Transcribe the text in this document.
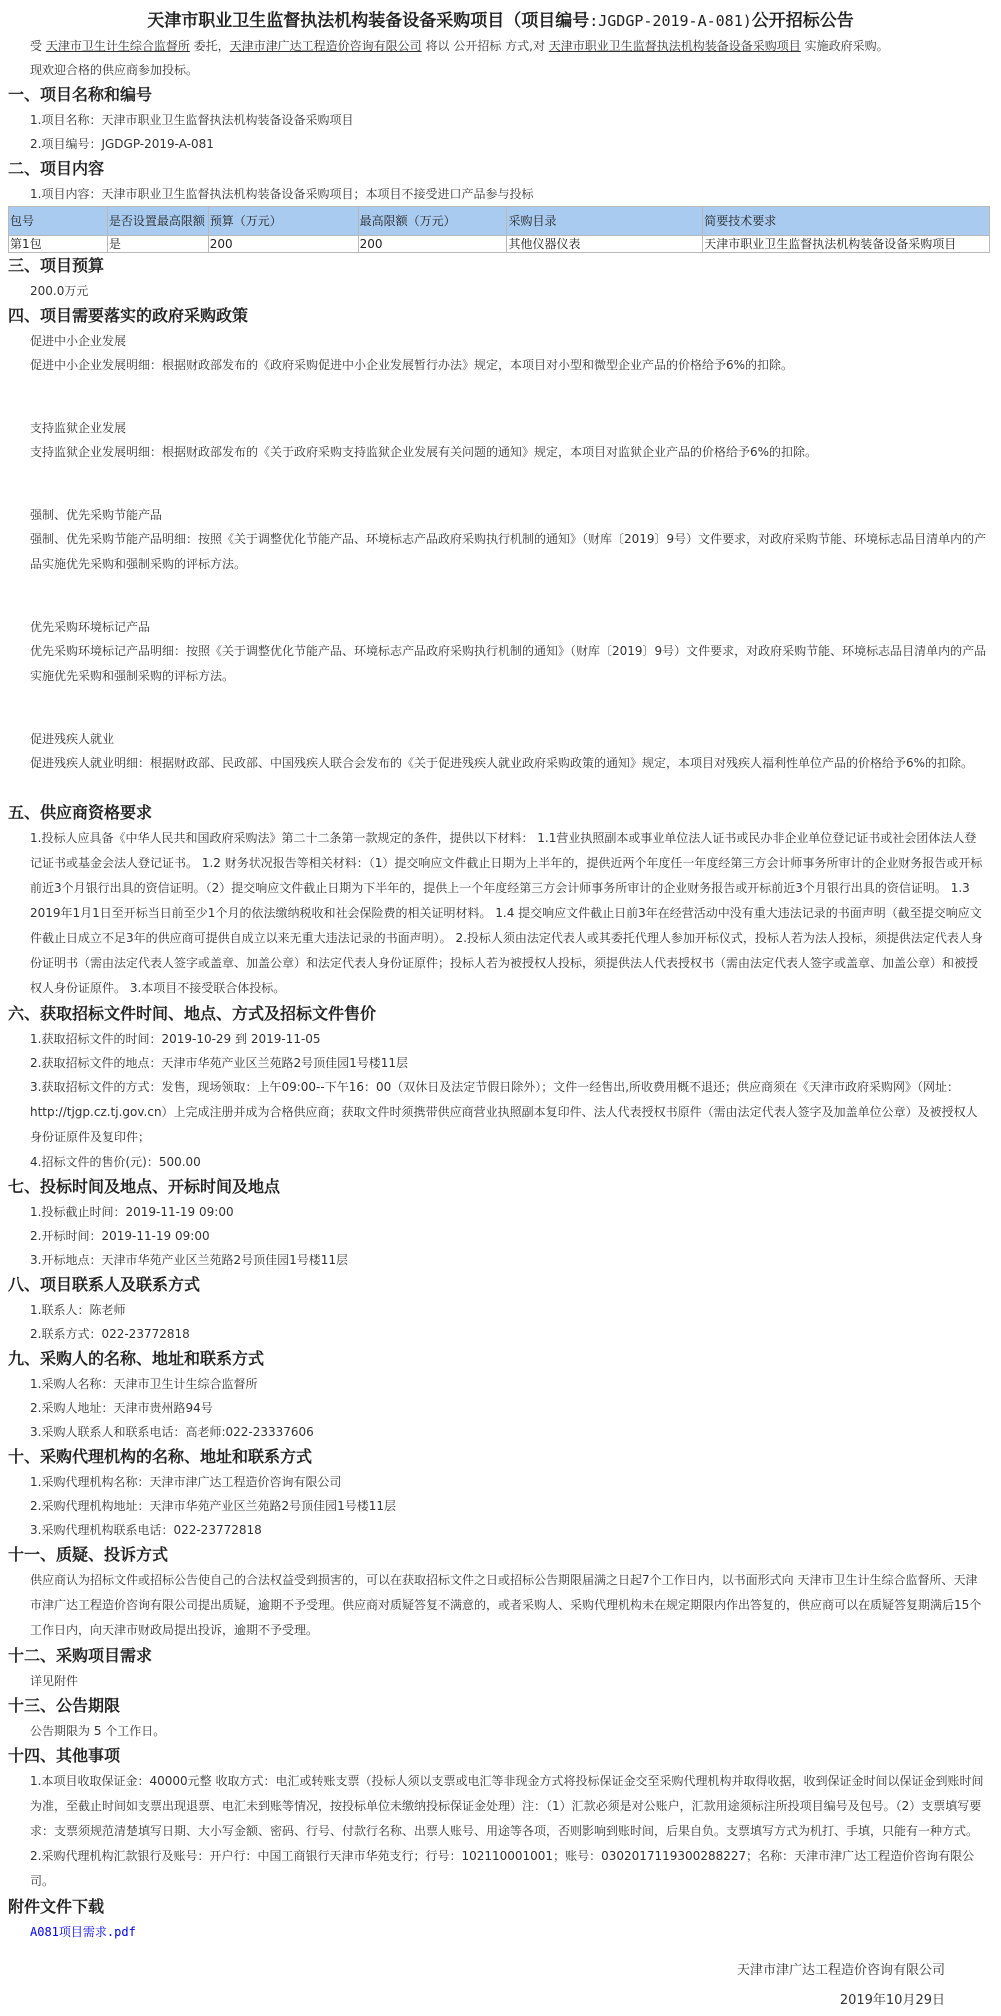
天津市职业卫生监督执法机构装备设备采购项目（项目编号:JGDGP-2019-A-081)公开招标公告
受 天津市卫生计生综合监督所 委托，天津市津广达工程造价咨询有限公司 将以 公开招标 方式,对 天津市职业卫生监督执法机构装备设备采购项目 实施政府采购。
现欢迎合格的供应商参加投标。
一、项目名称和编号
1.项目名称：天津市职业卫生监督执法机构装备设备采购项目
2.项目编号：JGDGP-2019-A-081
二、项目内容
1.项目内容：天津市职业卫生监督执法机构装备设备采购项目；本项目不接受进口产品参与投标
包号	是否设置最高限额	预算（万元）	最高限额（万元）	采购目录	简要技术要求
第1包	是	200	200	其他仪器仪表	天津市职业卫生监督执法机构装备设备采购项目
三、项目预算
200.0万元
四、项目需要落实的政府采购政策
促进中小企业发展
促进中小企业发展明细：根据财政部发布的《政府采购促进中小企业发展暂行办法》规定，本项目对小型和微型企业产品的价格给予6%的扣除。
支持监狱企业发展
支持监狱企业发展明细：根据财政部发布的《关于政府采购支持监狱企业发展有关问题的通知》规定，本项目对监狱企业产品的价格给予6%的扣除。
强制、优先采购节能产品
强制、优先采购节能产品明细：按照《关于调整优化节能产品、环境标志产品政府采购执行机制的通知》（财库〔2019〕9号）文件要求，对政府采购节能、环境标志品目清单内的产品实施优先采购和强制采购的评标方法。
优先采购环境标记产品
优先采购环境标记产品明细：按照《关于调整优化节能产品、环境标志产品政府采购执行机制的通知》（财库〔2019〕9号）文件要求，对政府采购节能、环境标志品目清单内的产品实施优先采购和强制采购的评标方法。
促进残疾人就业
促进残疾人就业明细：根据财政部、民政部、中国残疾人联合会发布的《关于促进残疾人就业政府采购政策的通知》规定，本项目对残疾人福利性单位产品的价格给予6%的扣除。
五、供应商资格要求
1.投标人应具备《中华人民共和国政府采购法》第二十二条第一款规定的条件，提供以下材料： 1.1营业执照副本或事业单位法人证书或民办非企业单位登记证书或社会团体法人登记证书或基金会法人登记证书。 1.2 财务状况报告等相关材料：（1）提交响应文件截止日期为上半年的，提供近两个年度任一年度经第三方会计师事务所审计的企业财务报告或开标前近3个月银行出具的资信证明。（2）提交响应文件截止日期为下半年的，提供上一个年度经第三方会计师事务所审计的企业财务报告或开标前近3个月银行出具的资信证明。 1.3 2019年1月1日至开标当日前至少1个月的依法缴纳税收和社会保险费的相关证明材料。 1.4 提交响应文件截止日前3年在经营活动中没有重大违法记录的书面声明（截至提交响应文件截止日成立不足3年的供应商可提供自成立以来无重大违法记录的书面声明）。 2.投标人须由法定代表人或其委托代理人参加开标仪式，投标人若为法人投标，须提供法定代表人身份证明书（需由法定代表人签字或盖章、加盖公章）和法定代表人身份证原件；投标人若为被授权人投标，须提供法人代表授权书（需由法定代表人签字或盖章、加盖公章）和被授权人身份证原件。 3.本项目不接受联合体投标。
六、获取招标文件时间、地点、方式及招标文件售价
1.获取招标文件的时间：2019-10-29 到 2019-11-05
2.获取招标文件的地点：天津市华苑产业区兰苑路2号顶佳园1号楼11层
3.获取招标文件的方式：发售，现场领取：上午09:00--下午16：00（双休日及法定节假日除外）；文件一经售出,所收费用概不退还；供应商须在《天津市政府采购网》（网址：http://tjgp.cz.tj.gov.cn）上完成注册并成为合格供应商；获取文件时须携带供应商营业执照副本复印件、法人代表授权书原件（需由法定代表人签字及加盖单位公章）及被授权人身份证原件及复印件；
4.招标文件的售价(元)：500.00
七、投标时间及地点、开标时间及地点
1.投标截止时间：2019-11-19 09:00
2.开标时间：2019-11-19 09:00
3.开标地点：天津市华苑产业区兰苑路2号顶佳园1号楼11层
八、项目联系人及联系方式
1.联系人：陈老师
2.联系方式：022-23772818
九、采购人的名称、地址和联系方式
1.采购人名称：天津市卫生计生综合监督所
2.采购人地址：天津市贵州路94号
3.采购人联系人和联系电话：高老师:022-23337606
十、采购代理机构的名称、地址和联系方式
1.采购代理机构名称：天津市津广达工程造价咨询有限公司
2.采购代理机构地址：天津市华苑产业区兰苑路2号顶佳园1号楼11层
3.采购代理机构联系电话：022-23772818
十一、质疑、投诉方式
供应商认为招标文件或招标公告使自己的合法权益受到损害的，可以在获取招标文件之日或招标公告期限届满之日起7个工作日内，以书面形式向 天津市卫生计生综合监督所、天津市津广达工程造价咨询有限公司提出质疑，逾期不予受理。供应商对质疑答复不满意的，或者采购人、采购代理机构未在规定期限内作出答复的，供应商可以在质疑答复期满后15个工作日内，向天津市财政局提出投诉，逾期不予受理。
十二、采购项目需求
详见附件
十三、公告期限
公告期限为 5 个工作日。
十四、其他事项
1.本项目收取保证金：40000元整 收取方式：电汇或转账支票（投标人须以支票或电汇等非现金方式将投标保证金交至采购代理机构并取得收据，收到保证金时间以保证金到账时间为准，至截止时间如支票出现退票、电汇未到账等情况，按投标单位未缴纳投标保证金处理）注：（1）汇款必须是对公账户，汇款用途须标注所投项目编号及包号。（2）支票填写要求：支票须规范清楚填写日期、大小写金额、密码、行号、付款行名称、出票人账号、用途等各项，否则影响到账时间，后果自负。支票填写方式为机打、手填，只能有一种方式。2.采购代理机构汇款银行及账号：开户行：中国工商银行天津市华苑支行；行号：102110001001；账号：0302017119300288227；名称：天津市津广达工程造价咨询有限公司。
附件文件下载
A081项目需求.pdf
天津市津广达工程造价咨询有限公司
2019年10月29日
